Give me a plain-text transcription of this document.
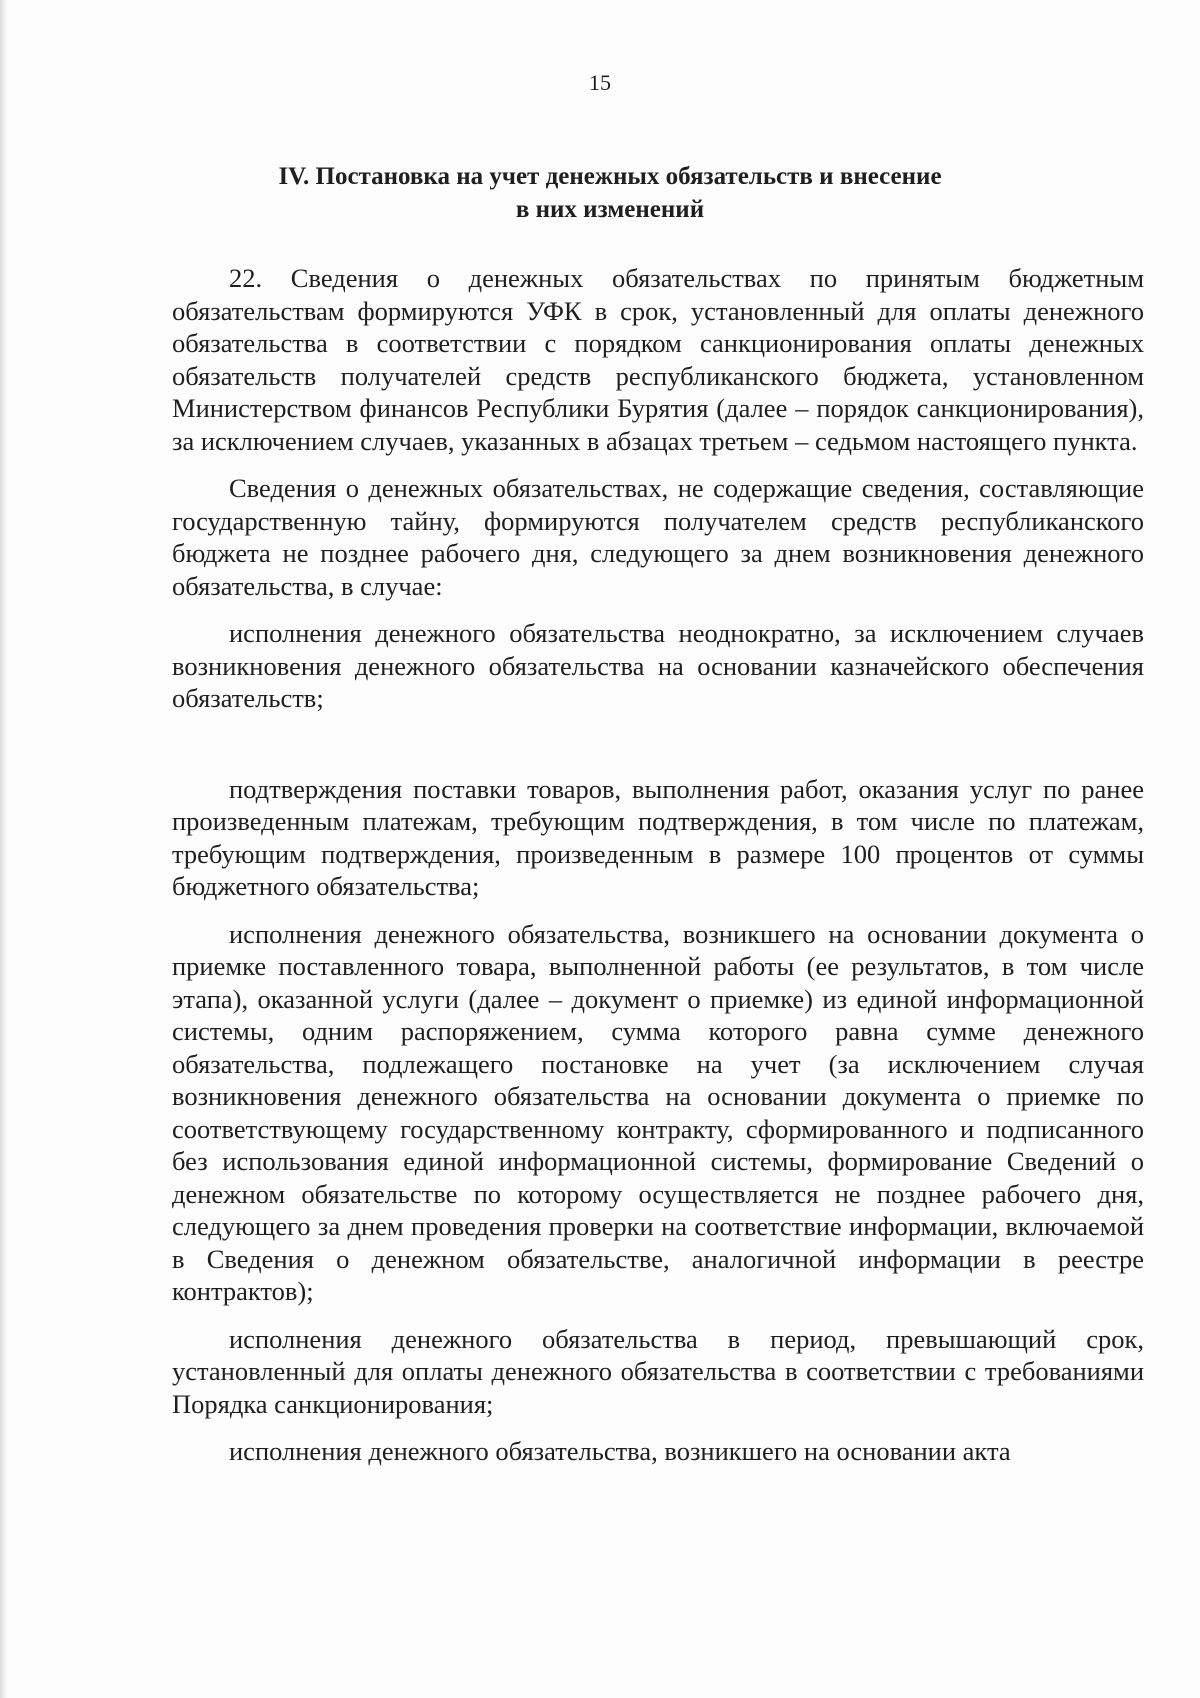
15
IV. Постановка на учет денежных обязательств и внесение
в них изменений

22. Сведения о денежных обязательствах по принятым бюджетным обязательствам формируются УФК в срок, установленный для оплаты денежного обязательства в соответствии с порядком санкционирования оплаты денежных обязательств получателей средств республиканского бюджета, установленном Министерством финансов Республики Бурятия (далее – порядок санкционирования), за исключением случаев, указанных в абзацах третьем – седьмом настоящего пункта.

Сведения о денежных обязательствах, не содержащие сведения, составляющие государственную тайну, формируются получателем средств республиканского бюджета не позднее рабочего дня, следующего за днем возникновения денежного обязательства, в случае:

исполнения денежного обязательства неоднократно, за исключением случаев возникновения денежного обязательства на основании казначейского обеспечения обязательств;

подтверждения поставки товаров, выполнения работ, оказания услуг по ранее произведенным платежам, требующим подтверждения, в том числе по платежам, требующим подтверждения, произведенным в размере 100 процентов от суммы бюджетного обязательства;

исполнения денежного обязательства, возникшего на основании документа о приемке поставленного товара, выполненной работы (ее результатов, в том числе этапа), оказанной услуги (далее – документ о приемке) из единой информационной системы, одним распоряжением, сумма которого равна сумме денежного обязательства, подлежащего постановке на учет (за исключением случая возникновения денежного обязательства на основании документа о приемке по соответствующему государственному контракту, сформированного и подписанного без использования единой информационной системы, формирование Сведений о денежном обязательстве по которому осуществляется не позднее рабочего дня, следующего за днем проведения проверки на соответствие информации, включаемой в Сведения о денежном обязательстве, аналогичной информации в реестре контрактов);

исполнения денежного обязательства в период, превышающий срок, установленный для оплаты денежного обязательства в соответствии с требованиями Порядка санкционирования;

исполнения денежного обязательства, возникшего на основании акта
